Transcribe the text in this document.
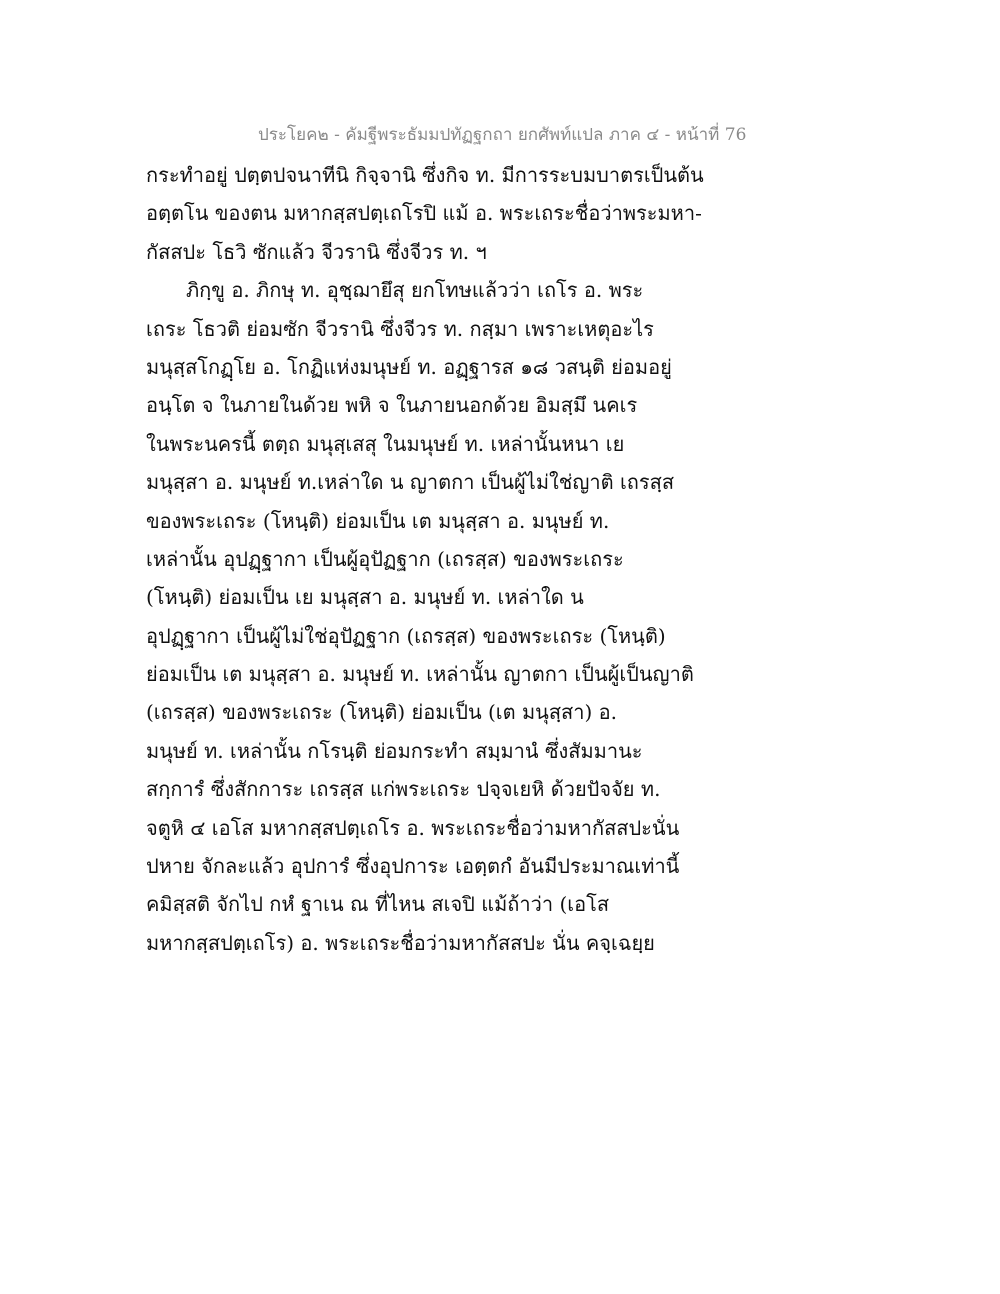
ประโยค๒ - คัมฐีพระธัมมปทัฏฐกถา ยกศัพท์แปล ภาค ๔ - หน้าที่ 76
กระทำอยู่ ปตฺตปจนาทีนิ กิจฺจานิ ซึ่งกิจ ท. มีการระบมบาตรเป็นต้น
อตฺตโน ของตน มหากสฺสปตฺเถโรปิ แม้ อ. พระเถระชื่อว่าพระมหา-
กัสสปะ โธวิ ซักแล้ว จีวรานิ ซึ่งจีวร ท. ฯ
ภิกฺขู อ. ภิกษุ ท. อุชฺฌายึสุ ยกโทษแล้วว่า เถโร อ. พระ
เถระ โธวติ ย่อมซัก จีวรานิ ซึ่งจีวร ท. กสฺมา เพราะเหตุอะไร
มนุสฺสโกฏฺโย อ. โกฏิแห่งมนุษย์ ท. อฏฺฐารส ๑๘ วสนฺติ ย่อมอยู่
อนฺโต จ ในภายในด้วย พหิ จ ในภายนอกด้วย อิมสฺมึ นคเร
ในพระนครนี้ ตตฺถ มนุสฺเสสุ ในมนุษย์ ท. เหล่านั้นหนา เย
มนุสฺสา อ. มนุษย์ ท.เหล่าใด น ญาตกา เป็นผู้ไม่ใช่ญาติ เถรสฺส
ของพระเถระ (โหนฺติ) ย่อมเป็น เต มนุสฺสา อ. มนุษย์ ท.
เหล่านั้น อุปฏฺฐากา เป็นผู้อุปัฏฐาก (เถรสฺส) ของพระเถระ
(โหนฺติ) ย่อมเป็น เย มนุสฺสา อ. มนุษย์ ท. เหล่าใด น
อุปฏฺฐากา เป็นผู้ไม่ใช่อุปัฏฐาก (เถรสฺส) ของพระเถระ (โหนฺติ)
ย่อมเป็น เต มนุสฺสา อ. มนุษย์ ท. เหล่านั้น ญาตกา เป็นผู้เป็นญาติ
(เถรสฺส) ของพระเถระ (โหนฺติ) ย่อมเป็น (เต มนุสฺสา) อ.
มนุษย์ ท. เหล่านั้น กโรนฺติ ย่อมกระทำ สมฺมานํ ซึ่งสัมมานะ
สกฺการํ ซึ่งสักการะ เถรสฺส แก่พระเถระ ปจฺจเยหิ ด้วยปัจจัย ท.
จตูหิ ๔ เอโส มหากสฺสปตฺเถโร อ. พระเถระชื่อว่ามหากัสสปะนั่น
ปหาย จักละแล้ว อุปการํ ซึ่งอุปการะ เอตฺตกํ อันมีประมาณเท่านี้
คมิสฺสติ จักไป กหํ ฐาเน ณ ที่ไหน สเจปิ แม้ถ้าว่า (เอโส
มหากสฺสปตฺเถโร) อ. พระเถระชื่อว่ามหากัสสปะ นั่น คจฺเฉยฺย
